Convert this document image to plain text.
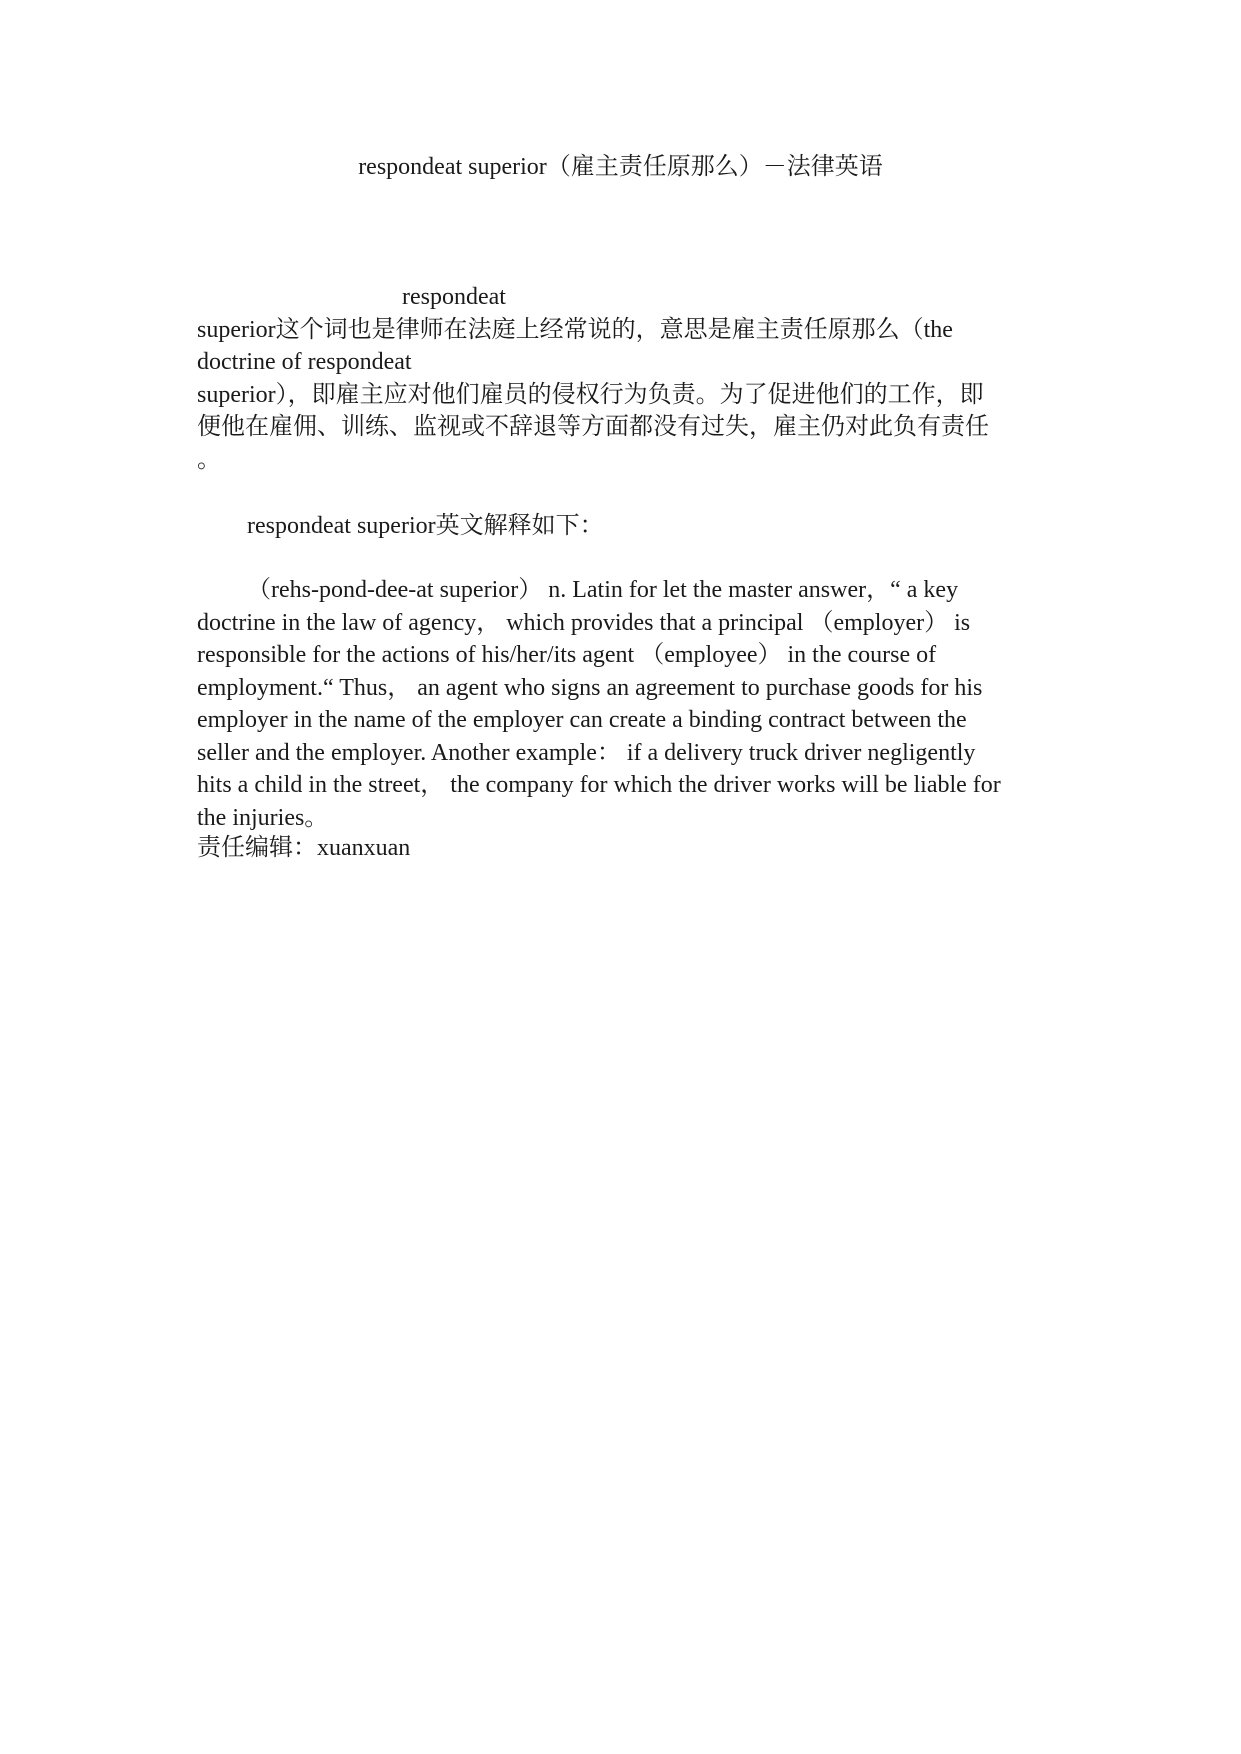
respondeat superior（雇主责任原那么）－法律英语
respondeat
superior这个词也是律师在法庭上经常说的，意思是雇主责任原那么（the
doctrine of respondeat
superior），即雇主应对他们雇员的侵权行为负责。为了促进他们的工作，即
便他在雇佣、训练、监视或不辞退等方面都没有过失，雇主仍对此负有责任
。
respondeat superior英文解释如下：
（rehs-pond-dee-at superior） n. Latin for let the master answer，“ a key
doctrine in the law of agency， which provides that a principal （employer） is
responsible for the actions of his/her/its agent （employee） in the course of
employment.“ Thus， an agent who signs an agreement to purchase goods for his
employer in the name of the employer can create a binding contract between the
seller and the employer. Another example： if a delivery truck driver negligently
hits a child in the street， the company for which the driver works will be liable for
the injuries。
责任编辑：xuanxuan
